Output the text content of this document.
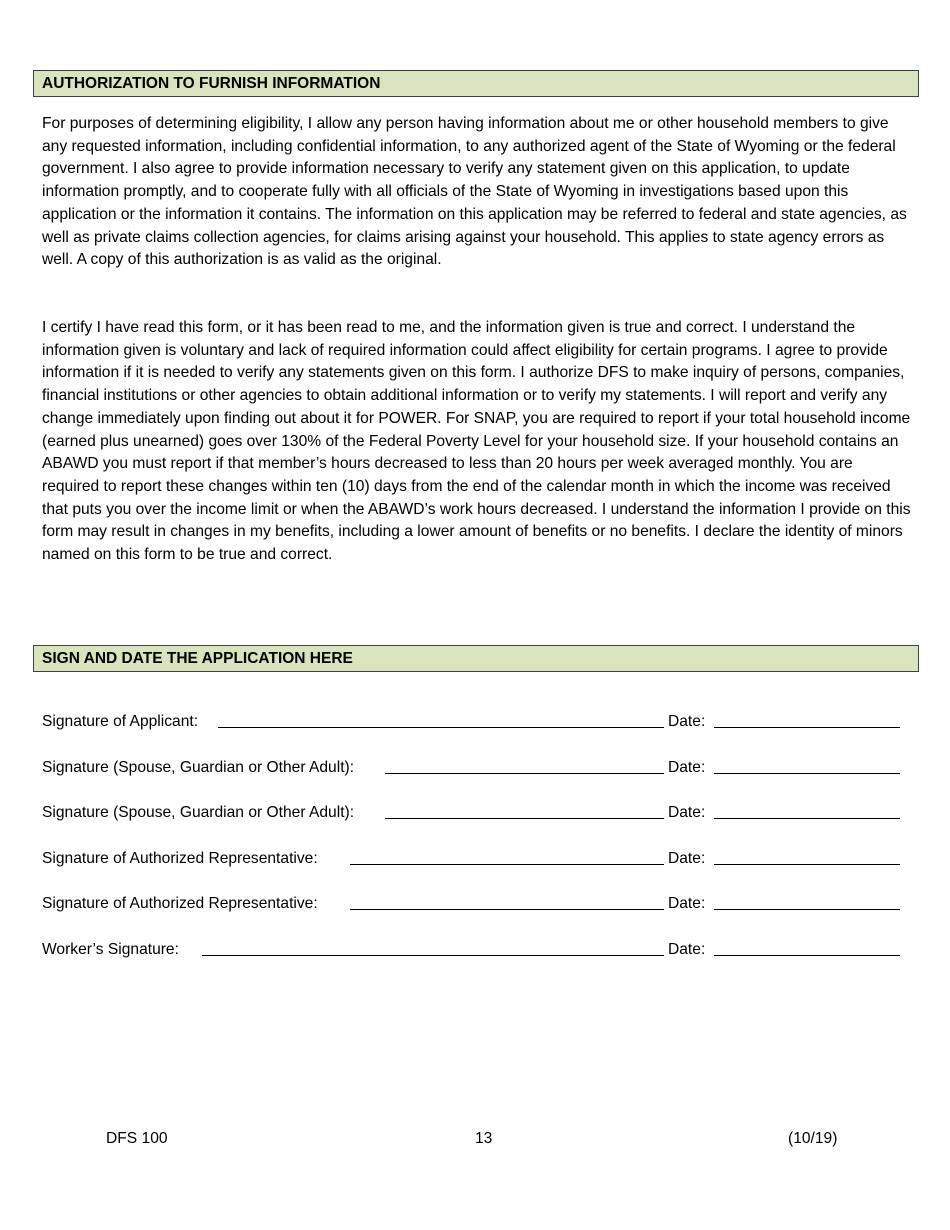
AUTHORIZATION TO FURNISH INFORMATION

For purposes of determining eligibility, I allow any person having information about me or other household members to give any requested information, including confidential information, to any authorized agent of the State of Wyoming or the federal government. I also agree to provide information necessary to verify any statement given on this application, to update information promptly, and to cooperate fully with all officials of the State of Wyoming in investigations based upon this application or the information it contains. The information on this application may be referred to federal and state agencies, as well as private claims collection agencies, for claims arising against your household. This applies to state agency errors as well. A copy of this authorization is as valid as the original.

I certify I have read this form, or it has been read to me, and the information given is true and correct. I understand the information given is voluntary and lack of required information could affect eligibility for certain programs. I agree to provide information if it is needed to verify any statements given on this form. I authorize DFS to make inquiry of persons, companies, financial institutions or other agencies to obtain additional information or to verify my statements. I will report and verify any change immediately upon finding out about it for POWER. For SNAP, you are required to report if your total household income (earned plus unearned) goes over 130% of the Federal Poverty Level for your household size. If your household contains an ABAWD you must report if that member’s hours decreased to less than 20 hours per week averaged monthly. You are required to report these changes within ten (10) days from the end of the calendar month in which the income was received that puts you over the income limit or when the ABAWD’s work hours decreased. I understand the information I provide on this form may result in changes in my benefits, including a lower amount of benefits or no benefits. I declare the identity of minors named on this form to be true and correct.

SIGN AND DATE THE APPLICATION HERE
Signature of Applicant:	Date:
Signature (Spouse, Guardian or Other Adult):	Date:
Signature (Spouse, Guardian or Other Adult):	Date:
Signature of Authorized Representative:	Date:
Signature of Authorized Representative:	Date:
Worker’s Signature:	Date:
DFS 100	13	(10/19)
